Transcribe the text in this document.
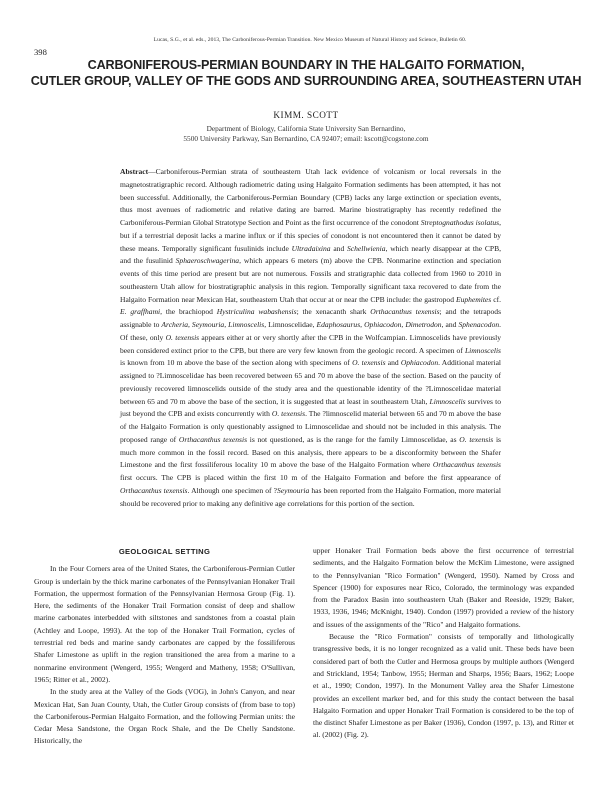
Lucas, S.G., et al. eds., 2013, The Carboniferous-Permian Transition. New Mexico Museum of Natural History and Science, Bulletin 60.
398
CARBONIFEROUS-PERMIAN BOUNDARY IN THE HALGAITO FORMATION,
CUTLER GROUP, VALLEY OF THE GODS AND SURROUNDING AREA, SOUTHEASTERN UTAH
KIMM. SCOTT
Department of Biology, California State University San Bernardino,
5500 University Parkway, San Bernardino, CA 92407; email: kscott@cogstone.com
Abstract—Carboniferous-Permian strata of southeastern Utah lack evidence of volcanism or local reversals in the magnetostratigraphic record. Although radiometric dating using Halgaito Formation sediments has been attempted, it has not been successful. Additionally, the Carboniferous-Permian Boundary (CPB) lacks any large extinction or speciation events, thus most avenues of radiometric and relative dating are barred. Marine biostratigraphy has recently redefined the Carboniferous-Permian Global Stratotype Section and Point as the first occurrence of the conodont Streptognathodus isolatus, but if a terrestrial deposit lacks a marine influx or if this species of conodont is not encountered then it cannot be dated by these means. Temporally significant fusulinids include Ultradaixina and Schellwienia, which nearly disappear at the CPB, and the fusulinid Sphaeroschwagerina, which appears 6 meters (m) above the CPB. Nonmarine extinction and speciation events of this time period are present but are not numerous. Fossils and stratigraphic data collected from 1960 to 2010 in southeastern Utah allow for biostratigraphic analysis in this region. Temporally significant taxa recovered to date from the Halgaito Formation near Mexican Hat, southeastern Utah that occur at or near the CPB include: the gastropod Euphemites cf. E. graffhami, the brachiopod Hystriculina wabashensis; the xenacanth shark Orthacanthus texensis; and the tetrapods assignable to Archeria, Seymouria, Limnoscelis, Limnoscelidae, Edaphosaurus, Ophiacodon, Dimetrodon, and Sphenacodon. Of these, only O. texensis appears either at or very shortly after the CPB in the Wolfcampian. Limnoscelids have previously been considered extinct prior to the CPB, but there are very few known from the geologic record. A specimen of Limnoscelis is known from 10 m above the base of the section along with specimens of O. texensis and Ophiacodon. Additional material assigned to ?Limnoscelidae has been recovered between 65 and 70 m above the base of the section. Based on the paucity of previously recovered limnoscelids outside of the study area and the questionable identity of the ?Limnoscelidae material between 65 and 70 m above the base of the section, it is suggested that at least in southeastern Utah, Limnoscelis survives to just beyond the CPB and exists concurrently with O. texensis. The ?limnoscelid material between 65 and 70 m above the base of the Halgaito Formation is only questionably assigned to Limnoscelidae and should not be included in this analysis. The proposed range of Orthacanthus texensis is not questioned, as is the range for the family Limnoscelidae, as O. texensis is much more common in the fossil record. Based on this analysis, there appears to be a disconformity between the Shafer Limestone and the first fossiliferous locality 10 m above the base of the Halgaito Formation where Orthacanthus texensis first occurs. The CPB is placed within the first 10 m of the Halgaito Formation and before the first appearance of Orthacanthus texensis. Although one specimen of ?Seymouria has been reported from the Halgaito Formation, more material should be recovered prior to making any definitive age correlations for this portion of the section.
GEOLOGICAL SETTING

In the Four Corners area of the United States, the Carboniferous-Permian Cutler Group is underlain by the thick marine carbonates of the Pennsylvanian Honaker Trail Formation, the uppermost formation of the Pennsylvanian Hermosa Group (Fig. 1). Here, the sediments of the Honaker Trail Formation consist of deep and shallow marine carbonates interbedded with siltstones and sandstones from a coastal plain (Achtley and Loope, 1993). At the top of the Honaker Trail Formation, cycles of terrestrial red beds and marine sandy carbonates are capped by the fossiliferous Shafer Limestone as uplift in the region transitioned the area from a marine to a nonmarine environment (Wengerd, 1955; Wengerd and Matheny, 1958; O'Sullivan, 1965; Ritter et al., 2002).

In the study area at the Valley of the Gods (VOG), in John's Canyon, and near Mexican Hat, San Juan County, Utah, the Cutler Group consists of (from base to top) the Carboniferous-Permian Halgaito Formation, and the following Permian units: the Cedar Mesa Sandstone, the Organ Rock Shale, and the De Chelly Sandstone. Historically, the

upper Honaker Trail Formation beds above the first occurrence of terrestrial sediments, and the Halgaito Formation below the McKim Limestone, were assigned to the Pennsylvanian "Rico Formation" (Wengerd, 1950). Named by Cross and Spencer (1900) for exposures near Rico, Colorado, the terminology was expanded from the Paradox Basin into southeastern Utah (Baker and Reeside, 1929; Baker, 1933, 1936, 1946; McKnight, 1940). Condon (1997) provided a review of the history and issues of the assignments of the "Rico" and Halgaito formations.

Because the "Rico Formation" consists of temporally and lithologically transgressive beds, it is no longer recognized as a valid unit. These beds have been considered part of both the Cutler and Hermosa groups by multiple authors (Wengerd and Strickland, 1954; Tanbow, 1955; Herman and Sharps, 1956; Baars, 1962; Loope et al., 1990; Condon, 1997). In the Monument Valley area the Shafer Limestone provides an excellent marker bed, and for this study the contact between the basal Halgaito Formation and upper Honaker Trail Formation is considered to be the top of the distinct Shafer Limestone as per Baker (1936), Condon (1997, p. 13), and Ritter et al. (2002) (Fig. 2).
